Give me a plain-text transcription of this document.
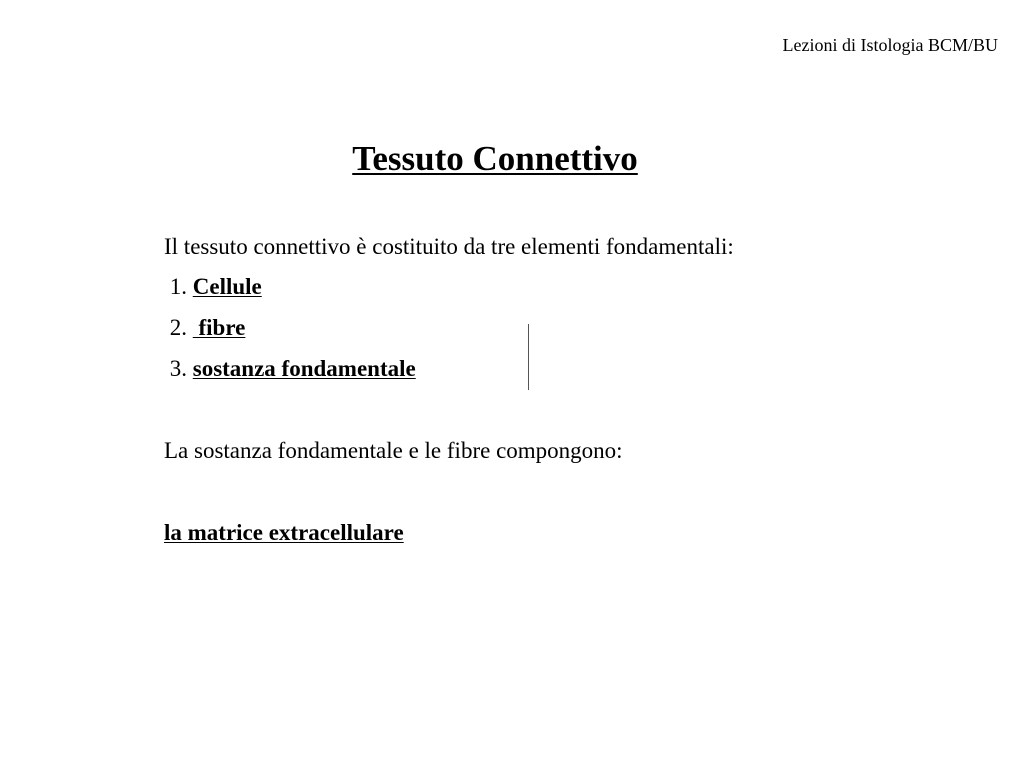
Lezioni di Istologia BCM/BU
Tessuto Connettivo
Il tessuto connettivo è costituito da tre elementi fondamentali:
1. Cellule
2.  fibre
3. sostanza fondamentale
La sostanza fondamentale e le fibre compongono:
la matrice extracellulare
